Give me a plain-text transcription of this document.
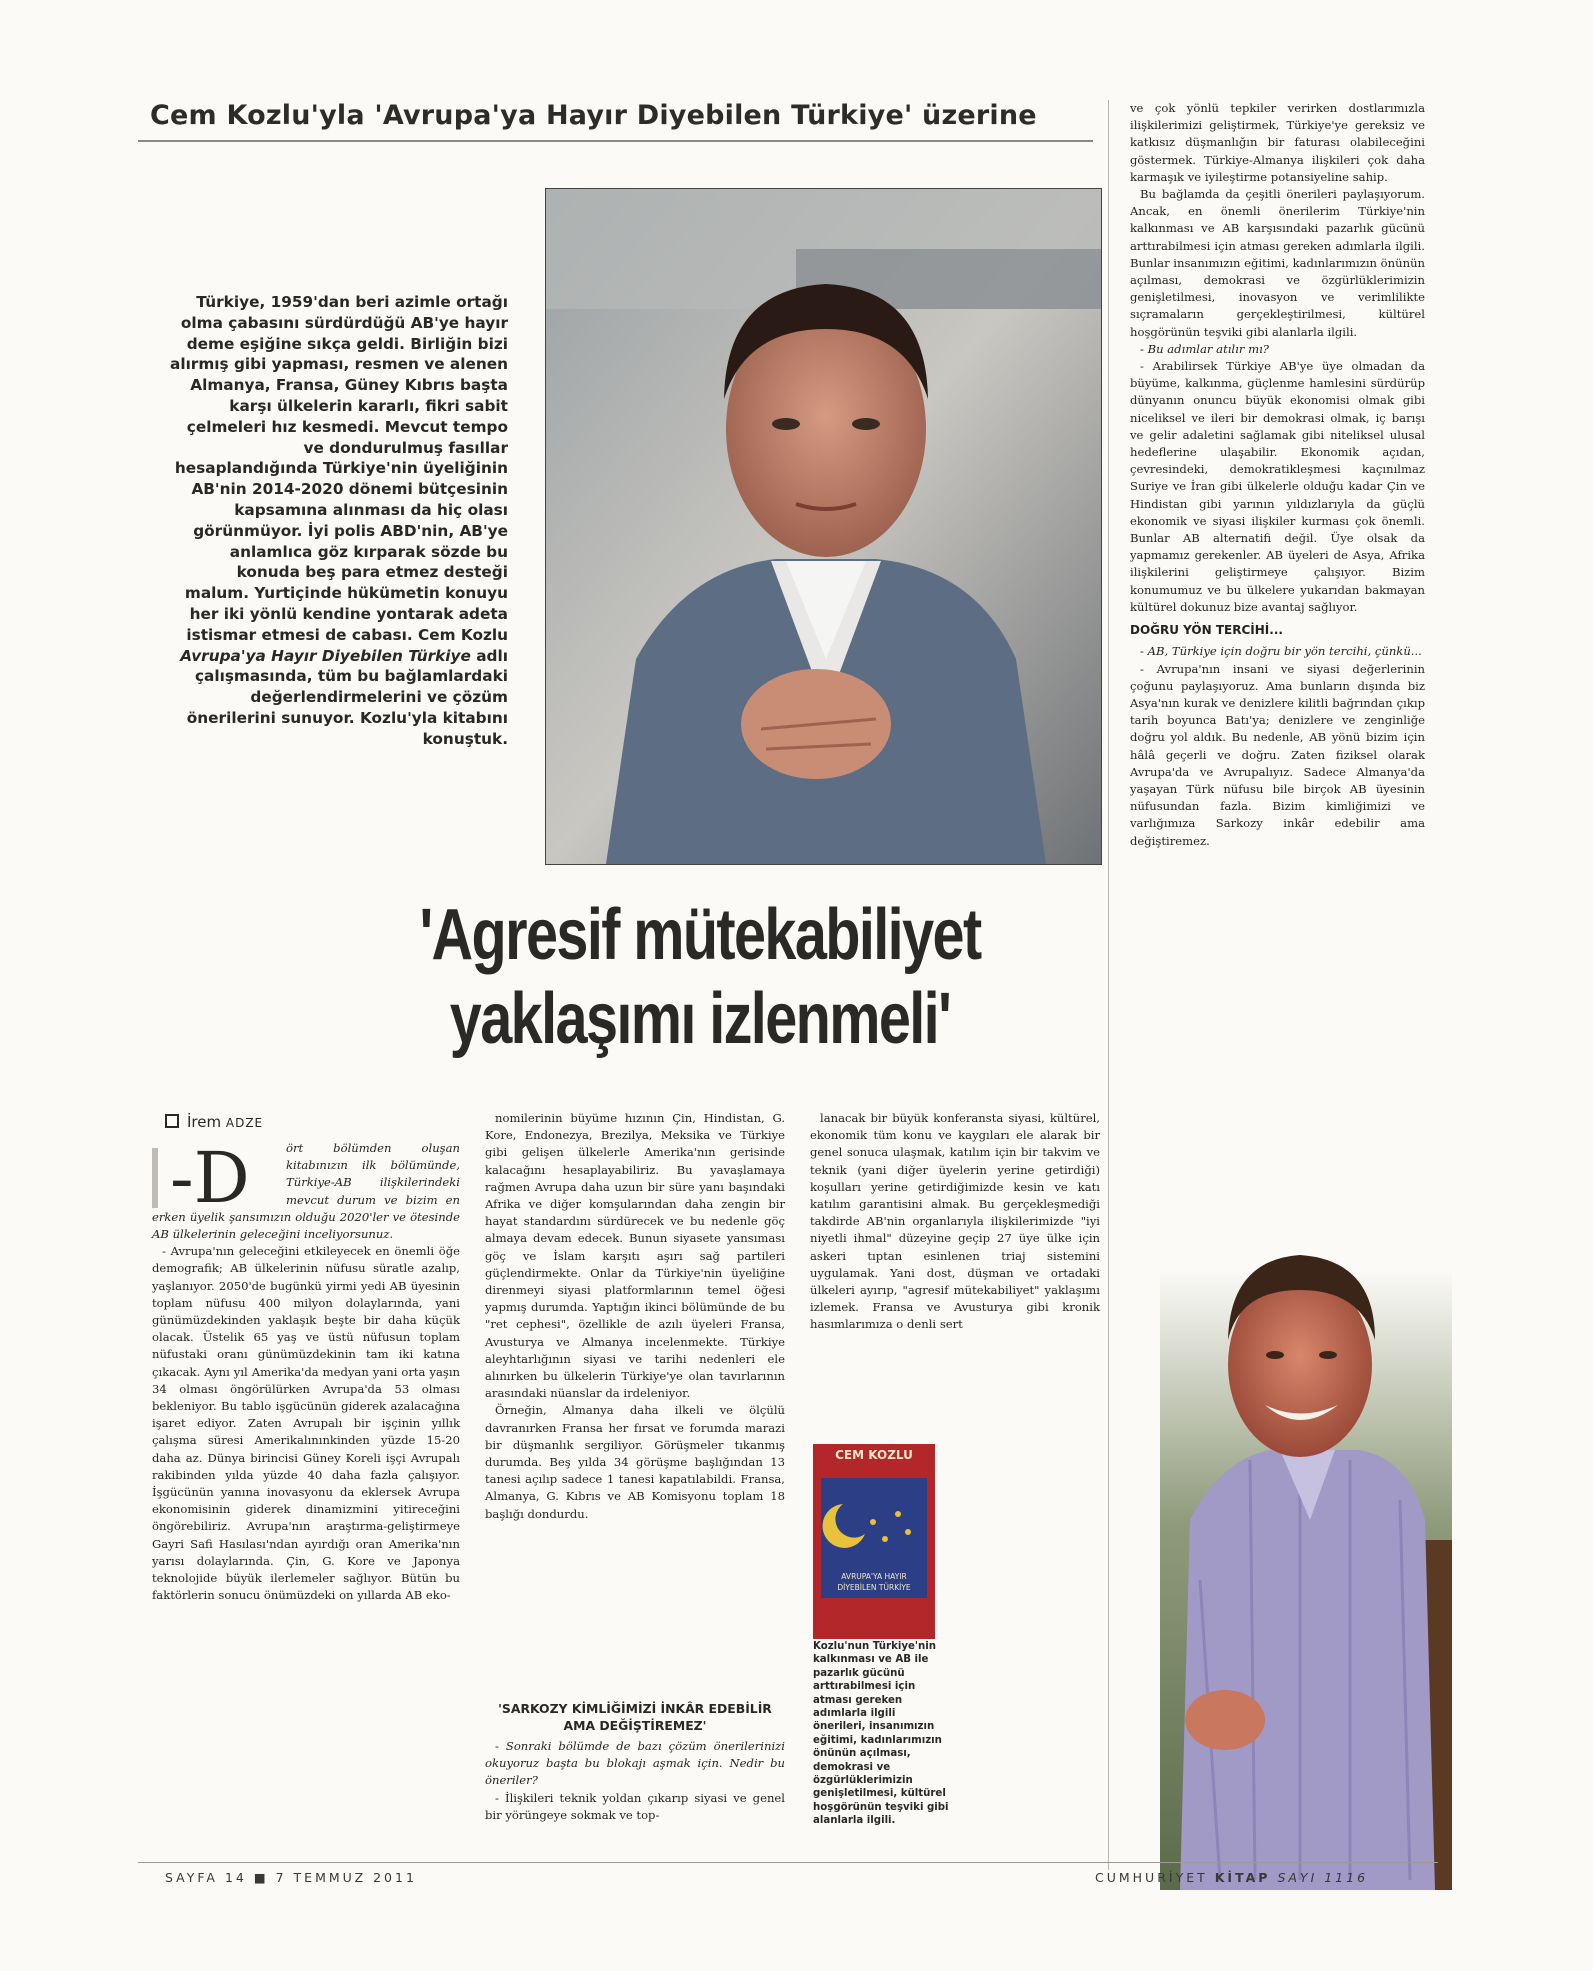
Cem Kozlu'yla 'Avrupa'ya Hayır Diyebilen Türkiye' üzerine
Türkiye, 1959'dan beri azimle ortağı olma çabasını sürdürdüğü AB'ye hayır deme eşiğine sıkça geldi. Birliğin bizi alırmış gibi yapması, resmen ve alenen Almanya, Fransa, Güney Kıbrıs başta karşı ülkelerin kararlı, fikri sabit çelmeleri hız kesmedi. Mevcut tempo ve dondurulmuş fasıllar hesaplandığında Türkiye'nin üyeliğinin AB'nin 2014-2020 dönemi bütçesinin kapsamına alınması da hiç olası görünmüyor. İyi polis ABD'nin, AB'ye anlamlıca göz kırparak sözde bu konuda beş para etmez desteği malum. Yurtiçinde hükümetin konuyu her iki yönlü kendine yontarak adeta istismar etmesi de cabası. Cem Kozlu Avrupa'ya Hayır Diyebilen Türkiye adlı çalışmasında, tüm bu bağlamlardaki değerlendirmelerini ve çözüm önerilerini sunuyor. Kozlu'yla kitabını konuştuk.
'Agresif mütekabiliyet
yaklaşımı izlenmeli'
İrem ADZE

-D	ört bölümden oluşan kitabınızın ilk bölümünde, Türkiye-AB ilişkilerindeki mevcut durum ve bizim en erken üyelik şansımızın olduğu 2020'ler ve ötesinde AB ülkelerinin geleceğini inceliyorsunuz.

- Avrupa'nın geleceğini etkileyecek en önemli öğe demografik; AB ülkelerinin nüfusu süratle azalıp, yaşlanıyor. 2050'de bugünkü yirmi yedi AB üyesinin toplam nüfusu 400 milyon dolaylarında, yani günümüzdekinden yaklaşık beşte bir daha küçük olacak. Üstelik 65 yaş ve üstü nüfusun toplam nüfustaki oranı günümüzdekinin tam iki katına çıkacak. Aynı yıl Amerika'da medyan yani orta yaşın 34 olması öngörülürken Avrupa'da 53 olması bekleniyor. Bu tablo işgücünün giderek azalacağına işaret ediyor. Zaten Avrupalı bir işçinin yıllık çalışma süresi Amerikalınınkinden yüzde 15-20 daha az. Dünya birincisi Güney Koreli işçi Avrupalı rakibinden yılda yüzde 40 daha fazla çalışıyor. İşgücünün yanına inovasyonu da eklersek Avrupa ekonomisinin giderek dinamizmini yitireceğini öngörebiliriz. Avrupa'nın araştırma-geliştirmeye Gayri Safi Hasılası'ndan ayırdığı oran Amerika'nın yarısı dolaylarında. Çin, G. Kore ve Japonya teknolojide büyük ilerlemeler sağlıyor. Bütün bu faktörlerin sonucu önümüzdeki on yıllarda AB eko-

nomilerinin büyüme hızının Çin, Hindistan, G. Kore, Endonezya, Brezilya, Meksika ve Türkiye gibi gelişen ülkelerle Amerika'nın gerisinde kalacağını hesaplayabiliriz. Bu yavaşlamaya rağmen Avrupa daha uzun bir süre yanı başındaki Afrika ve diğer komşularından daha zengin bir hayat standardını sürdürecek ve bu nedenle göç almaya devam edecek. Bunun siyasete yansıması göç ve İslam karşıtı aşırı sağ partileri güçlendirmekte. Onlar da Türkiye'nin üyeliğine direnmeyi siyasi platformlarının temel öğesi yapmış durumda. Yaptığın ikinci bölümünde de bu "ret cephesi", özellikle de azılı üyeleri Fransa, Avusturya ve Almanya incelenmekte. Türkiye aleyhtarlığının siyasi ve tarihi nedenleri ele alınırken bu ülkelerin Türkiye'ye olan tavırlarının arasındaki nüanslar da irdeleniyor.

Örneğin, Almanya daha ilkeli ve ölçülü davranırken Fransa her fırsat ve forumda marazi bir düşmanlık sergiliyor. Görüşmeler tıkanmış durumda. Beş yılda 34 görüşme başlığından 13 tanesi açılıp sadece 1 tanesi kapatılabildi. Fransa, Almanya, G. Kıbrıs ve AB Komisyonu toplam 18 başlığı dondurdu.

'SARKOZY KİMLİĞİMİZİ İNKÂR EDEBİLİR AMA DEĞİŞTİREMEZ'

- Sonraki bölümde de bazı çözüm önerilerinizi okuyoruz başta bu blokajı aşmak için. Nedir bu öneriler?

- İlişkileri teknik yoldan çıkarıp siyasi ve genel bir yörüngeye sokmak ve top-

lanacak bir büyük konferansta siyasi, kültürel, ekonomik tüm konu ve kaygıları ele alarak bir genel sonuca ulaşmak, katılım için bir takvim ve teknik (yani diğer üyelerin yerine getirdiği) koşulları yerine getirdiğimizde kesin ve katı katılım garantisini almak. Bu gerçekleşmediği takdirde AB'nin organlarıyla ilişkilerimizde "iyi niyetli ihmal" düzeyine geçip 27 üye ülke için askeri tıptan esinlenen triaj sistemini uygulamak. Yani dost, düşman ve ortadaki ülkeleri ayırıp, "agresif mütekabiliyet" yaklaşımı izlemek. Fransa ve Avusturya gibi kronik hasımlarımıza o denli sert

CEM KOZLU
AVRUPA'YA HAYIR
DİYEBİLEN TÜRKİYE
Kozlu'nun Türkiye'nin kalkınması ve AB ile pazarlık gücünü arttırabilmesi için atması gereken adımlarla ilgili önerileri, insanımızın eğitimi, kadınlarımızın önünün açılması, demokrasi ve özgürlüklerimizin genişletilmesi, kültürel hoşgörünün teşviki gibi alanlarla ilgili.

ve çok yönlü tepkiler verirken dostlarımızla ilişkilerimizi geliştirmek, Türkiye'ye gereksiz ve katkısız düşmanlığın bir faturası olabileceğini göstermek. Türkiye-Almanya ilişkileri çok daha karmaşık ve iyileştirme potansiyeline sahip.

Bu bağlamda da çeşitli önerileri paylaşıyorum. Ancak, en önemli önerilerim Türkiye'nin kalkınması ve AB karşısındaki pazarlık gücünü arttırabilmesi için atması gereken adımlarla ilgili. Bunlar insanımızın eğitimi, kadınlarımızın önünün açılması, demokrasi ve özgürlüklerimizin genişletilmesi, inovasyon ve verimlilikte sıçramaların gerçekleştirilmesi, kültürel hoşgörünün teşviki gibi alanlarla ilgili.

- Bu adımlar atılır mı?

- Arabilirsek Türkiye AB'ye üye olmadan da büyüme, kalkınma, güçlenme hamlesini sürdürüp dünyanın onuncu büyük ekonomisi olmak gibi niceliksel ve ileri bir demokrasi olmak, iç barışı ve gelir adaletini sağlamak gibi niteliksel ulusal hedeflerine ulaşabilir. Ekonomik açıdan, çevresindeki, demokratikleşmesi kaçınılmaz Suriye ve İran gibi ülkelerle olduğu kadar Çin ve Hindistan gibi yarının yıldızlarıyla da güçlü ekonomik ve siyasi ilişkiler kurması çok önemli. Bunlar AB alternatifi değil. Üye olsak da yapmamız gerekenler. AB üyeleri de Asya, Afrika ilişkilerini geliştirmeye çalışıyor. Bizim konumumuz ve bu ülkelere yukarıdan bakmayan kültürel dokunuz bize avantaj sağlıyor.

DOĞRU YÖN TERCİHİ...

- AB, Türkiye için doğru bir yön tercihi, çünkü...

- Avrupa'nın insani ve siyasi değerlerinin çoğunu paylaşıyoruz. Ama bunların dışında biz Asya'nın kurak ve denizlere kilitli bağrından çıkıp tarih boyunca Batı'ya; denizlere ve zenginliğe doğru yol aldık. Bu nedenle, AB yönü bizim için hâlâ geçerli ve doğru. Zaten fiziksel olarak Avrupa'da ve Avrupalıyız. Sadece Almanya'da yaşayan Türk nüfusu bile birçok AB üyesinin nüfusundan fazla. Bizim kimliğimizi ve varlığımıza Sarkozy inkâr edebilir ama değiştiremez.

SAYFA 14 ■ 7 TEMMUZ 2011	CUMHURİYET KİTAP SAYI 1116
